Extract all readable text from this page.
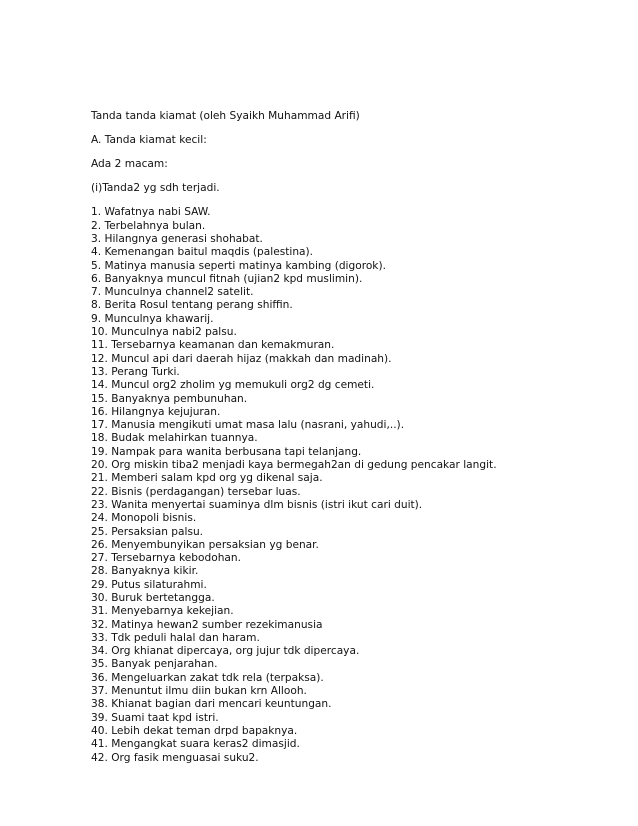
Tanda tanda kiamat (oleh Syaikh Muhammad Arifi)

A. Tanda kiamat kecil:

Ada 2 macam:

(i)Tanda2 yg sdh terjadi.

1. Wafatnya nabi SAW.
2. Terbelahnya bulan.
3. Hilangnya generasi shohabat.
4. Kemenangan baitul maqdis (palestina).
5. Matinya manusia seperti matinya kambing (digorok).
6. Banyaknya muncul fitnah (ujian2 kpd muslimin).
7. Munculnya channel2 satelit.
8. Berita Rosul tentang perang shiffin.
9. Munculnya khawarij.
10. Munculnya nabi2 palsu.
11. Tersebarnya keamanan dan kemakmuran.
12. Muncul api dari daerah hijaz (makkah dan madinah).
13. Perang Turki.
14. Muncul org2 zholim yg memukuli org2 dg cemeti.
15. Banyaknya pembunuhan.
16. Hilangnya kejujuran.
17. Manusia mengikuti umat masa lalu (nasrani, yahudi,..).
18. Budak melahirkan tuannya.
19. Nampak para wanita berbusana tapi telanjang.
20. Org miskin tiba2 menjadi kaya bermegah2an di gedung pencakar langit.
21. Memberi salam kpd org yg dikenal saja.
22. Bisnis (perdagangan) tersebar luas.
23. Wanita menyertai suaminya dlm bisnis (istri ikut cari duit).
24. Monopoli bisnis.
25. Persaksian palsu.
26. Menyembunyikan persaksian yg benar.
27. Tersebarnya kebodohan.
28. Banyaknya kikir.
29. Putus silaturahmi.
30. Buruk bertetangga.
31. Menyebarnya kekejian.
32. Matinya hewan2 sumber rezekimanusia
33. Tdk peduli halal dan haram.
34. Org khianat dipercaya, org jujur tdk dipercaya.
35. Banyak penjarahan.
36. Mengeluarkan zakat tdk rela (terpaksa).
37. Menuntut ilmu diin bukan krn Allooh.
38. Khianat bagian dari mencari keuntungan.
39. Suami taat kpd istri.
40. Lebih dekat teman drpd bapaknya.
41. Mengangkat suara keras2 dimasjid.
42. Org fasik menguasai suku2.
